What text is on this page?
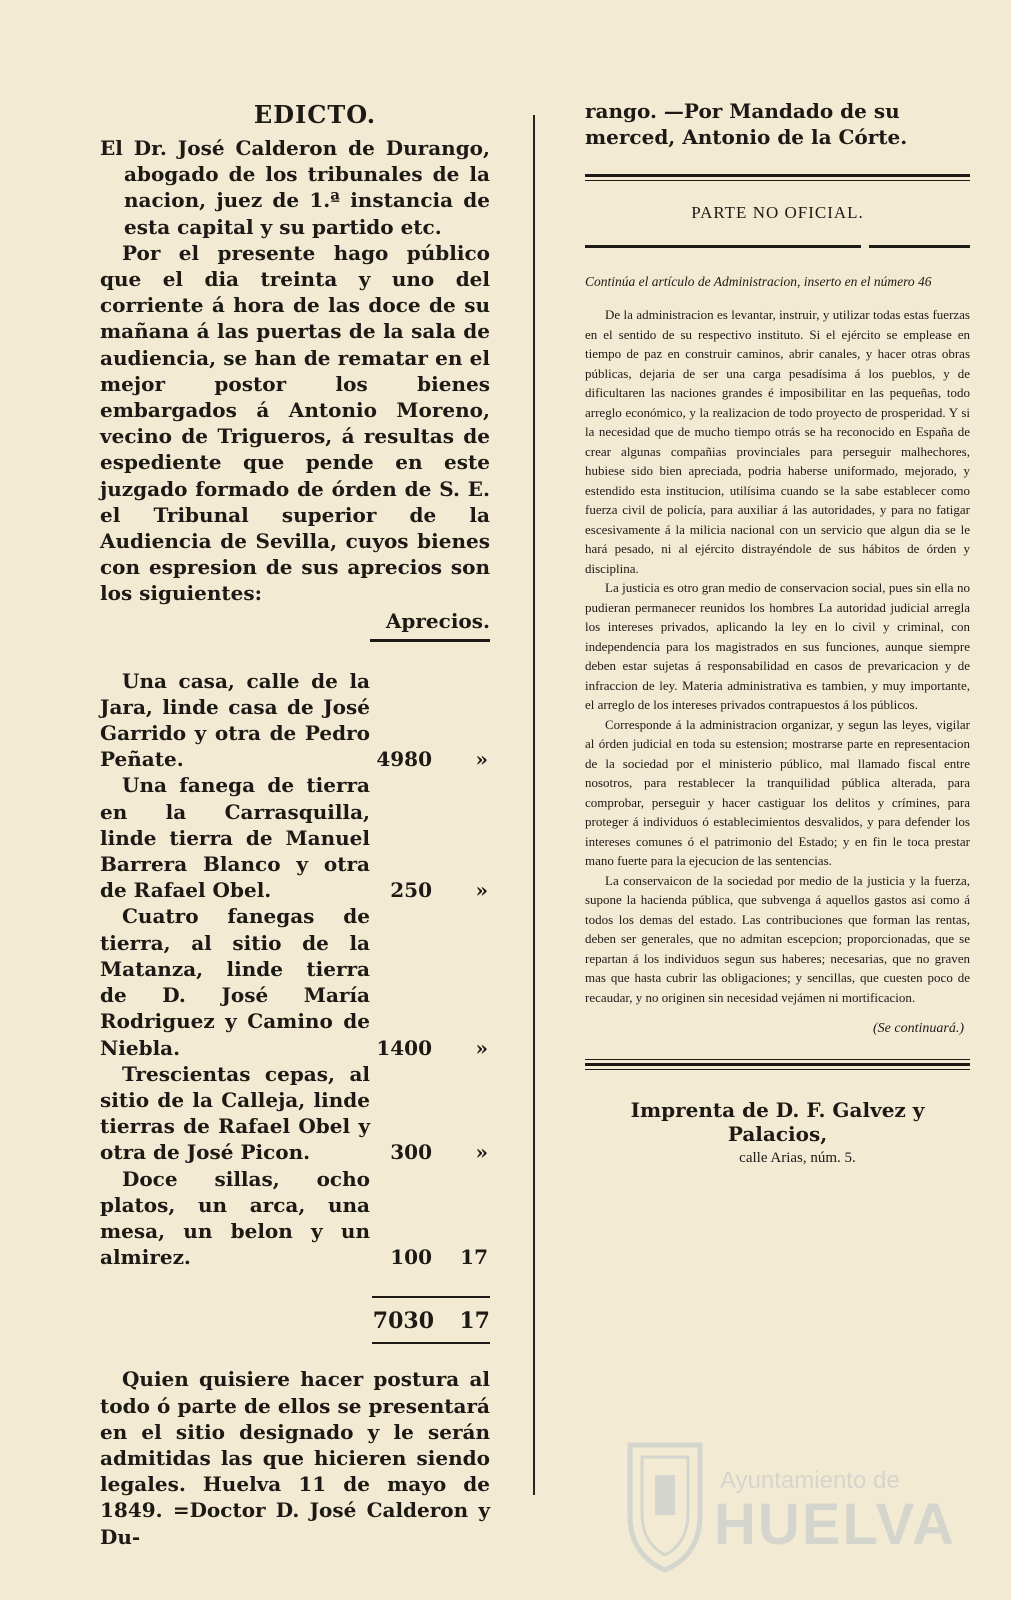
EDICTO.

El Dr. José Calderon de Durango, abogado de los tribunales de la nacion, juez de 1.ª instancia de esta capital y su partido etc.

Por el presente hago público que el dia treinta y uno del corriente á hora de las doce de su mañana á las puertas de la sala de audiencia, se han de rematar en el mejor postor los bienes embargados á Antonio Moreno, vecino de Trigueros, á resultas de espediente que pende en este juzgado formado de órden de S. E. el Tribunal superior de la Audiencia de Sevilla, cuyos bienes con espresion de sus aprecios son los siguientes:

Aprecios.
Una casa, calle de la Jara, linde casa de José Garrido y otra de Pedro Peñate.	4980	»
Una fanega de tierra en la Carrasquilla, linde tierra de Manuel Barrera Blanco y otra de Rafael Obel.	250	»
Cuatro fanegas de tierra, al sitio de la Matanza, linde tierra de D. José María Rodriguez y Camino de Niebla.	1400	»
Trescientas cepas, al sitio de la Calleja, linde tierras de Rafael Obel y otra de José Picon.	300	»
Doce sillas, ocho platos, un arca, una mesa, un belon y un almirez.	100	17
7030	17

Quien quisiere hacer postura al todo ó parte de ellos se presentará en el sitio designado y le serán admitidas las que hicieren siendo legales. Huelva 11 de mayo de 1849. =Doctor D. José Calderon y Du-

rango. —Por Mandado de su merced, Antonio de la Córte.

PARTE NO OFICIAL.

Continúa el artículo de Administracion, inserto en el número 46

De la administracion es levantar, instruir, y utilizar todas estas fuerzas en el sentido de su respectivo instituto. Si el ejército se emplease en tiempo de paz en construir caminos, abrir canales, y hacer otras obras públicas, dejaria de ser una carga pesadísima á los pueblos, y de dificultaren las naciones grandes é imposibilitar en las pequeñas, todo arreglo económico, y la realizacion de todo proyecto de prosperidad. Y si la necesidad que de mucho tiempo otrás se ha reconocido en España de crear algunas compañias provinciales para perseguir malhechores, hubiese sido bien apreciada, podria haberse uniformado, mejorado, y estendido esta institucion, utilísima cuando se la sabe establecer como fuerza civil de policía, para auxiliar á las autoridades, y para no fatigar escesivamente á la milicia nacional con un servicio que algun dia se le hará pesado, ni al ejército distrayéndole de sus hábitos de órden y disciplina.

La justicia es otro gran medio de conservacion social, pues sin ella no pudieran permanecer reunidos los hombres La autoridad judicial arregla los intereses privados, aplicando la ley en lo civil y criminal, con independencia para los magistrados en sus funciones, aunque siempre deben estar sujetas á responsabilidad en casos de prevaricacion y de infraccion de ley. Materia administrativa es tambien, y muy importante, el arreglo de los intereses privados contrapuestos á los públicos.

Corresponde á la administracion organizar, y segun las leyes, vigilar al órden judicial en toda su estension; mostrarse parte en representacion de la sociedad por el ministerio público, mal llamado fiscal entre nosotros, para restablecer la tranquilidad pública alterada, para comprobar, perseguir y hacer castiguar los delitos y crímines, para proteger á individuos ó establecimientos desvalidos, y para defender los intereses comunes ó el patrimonio del Estado; y en fin le toca prestar mano fuerte para la ejecucion de las sentencias.

La conservaicon de la sociedad por medio de la justicia y la fuerza, supone la hacienda pública, que subvenga á aquellos gastos asi como á todos los demas del estado. Las contribuciones que forman las rentas, deben ser generales, que no admitan escepcion; proporcionadas, que se repartan á los individuos segun sus haberes; necesarias, que no graven mas que hasta cubrir las obligaciones; y sencillas, que cuesten poco de recaudar, y no originen sin necesidad vejámen ni mortificacion.

(Se continuará.)
Imprenta de D. F. Galvez y Palacios,
calle Arias, núm. 5.
Ayuntamiento de
HUELVA
